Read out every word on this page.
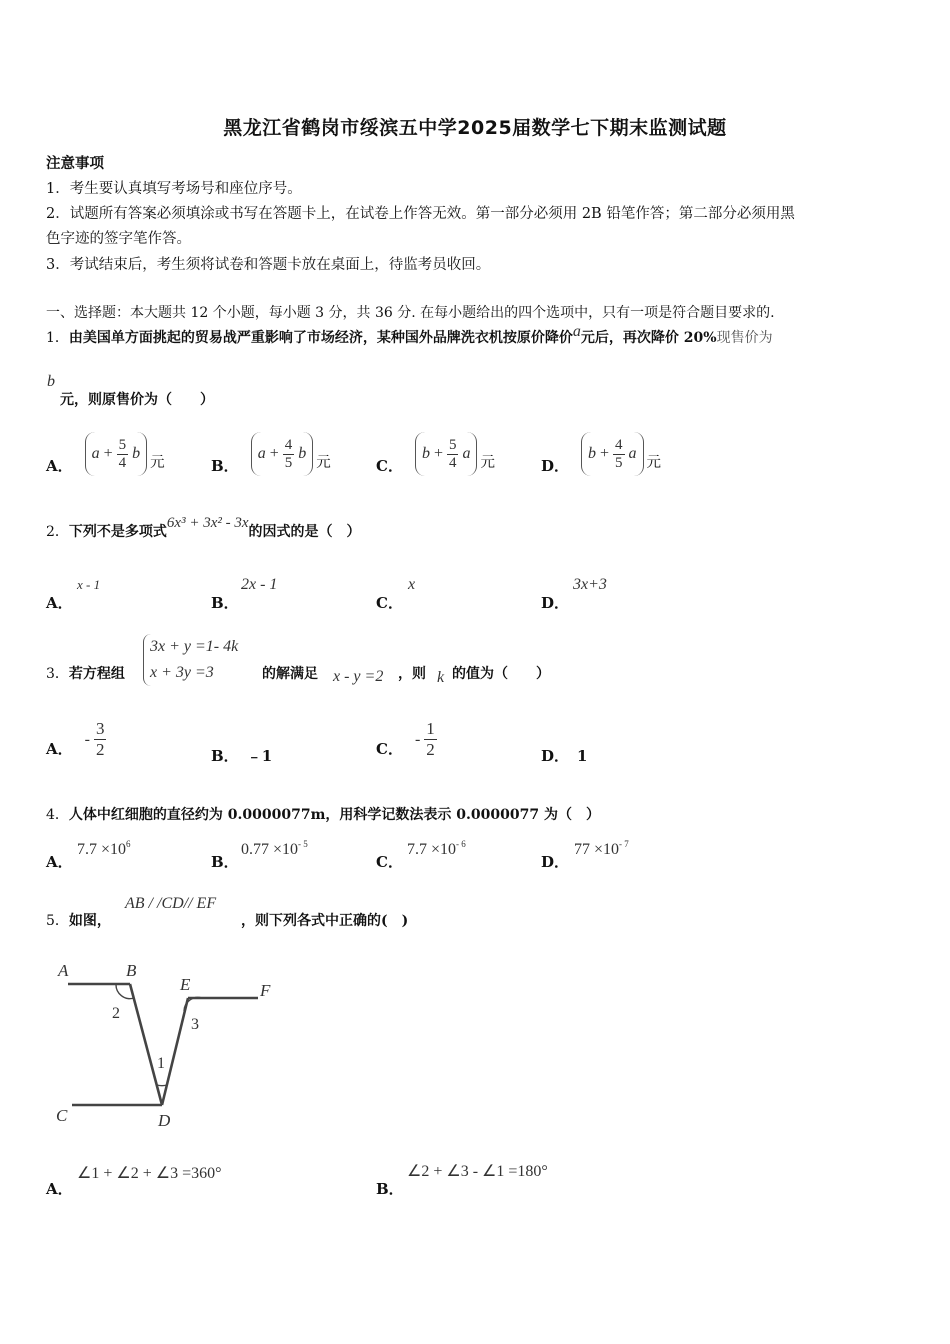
黑龙江省鹤岗市绥滨五中学2025届数学七下期末监测试题
注意事项
1．考生要认真填写考场号和座位序号。
2．试题所有答案必须填涂或书写在答题卡上，在试卷上作答无效。第一部分必须用 2B 铅笔作答；第二部分必须用黑
色字迹的签字笔作答。
3．考试结束后，考生须将试卷和答题卡放在桌面上，待监考员收回。
一、选择题：本大题共 12 个小题，每小题 3 分，共 36 分. 在每小题给出的四个选项中，只有一项是符合题目要求的.
1．由美国单方面挑起的贸易战严重影响了市场经济，某种国外品牌洗衣机按原价降价a元后，再次降价 20%现售价为
b
元，则原售价为（　　）
A．
$a + \frac{5}{4}$ b
元	B．
$a + \frac{4}{5}$ b
元	C．
$b + \frac{5}{4}$ a
元	D．
$b + \frac{4}{5}$ a
元
2．下列不是多项式6x³ + 3x² - 3x的因式的是（　）
A．
x - 1
B．
2x - 1
C．
x
D．
3x+3
3．若方程组
3x + y =1- 4k
x + 3y =3	的解满足 x - y =2 ，则 k 的值为（　　）
A．
- $\frac{3}{2}$	B． ﹣1	C．
- $\frac{1}{2}$	D． 1
4．人体中红细胞的直径约为 0.0000077m，用科学记数法表示 0.0000077 为（　）
A．
$7.7 \times 10^6$
B．
$0.77 \times 10^{- 5}$
C．
$7.7 \times 10^{- 6}$
D．
$77 \times 10^{- 7}$
5．如图，
AB / /CD// EF
，则下列各式中正确的(　)
A	B
E	F
C	D
2
3
1
A．
∠1 + ∠2 + ∠3 =360°
B．
∠2 + ∠3 - ∠1 =180°
